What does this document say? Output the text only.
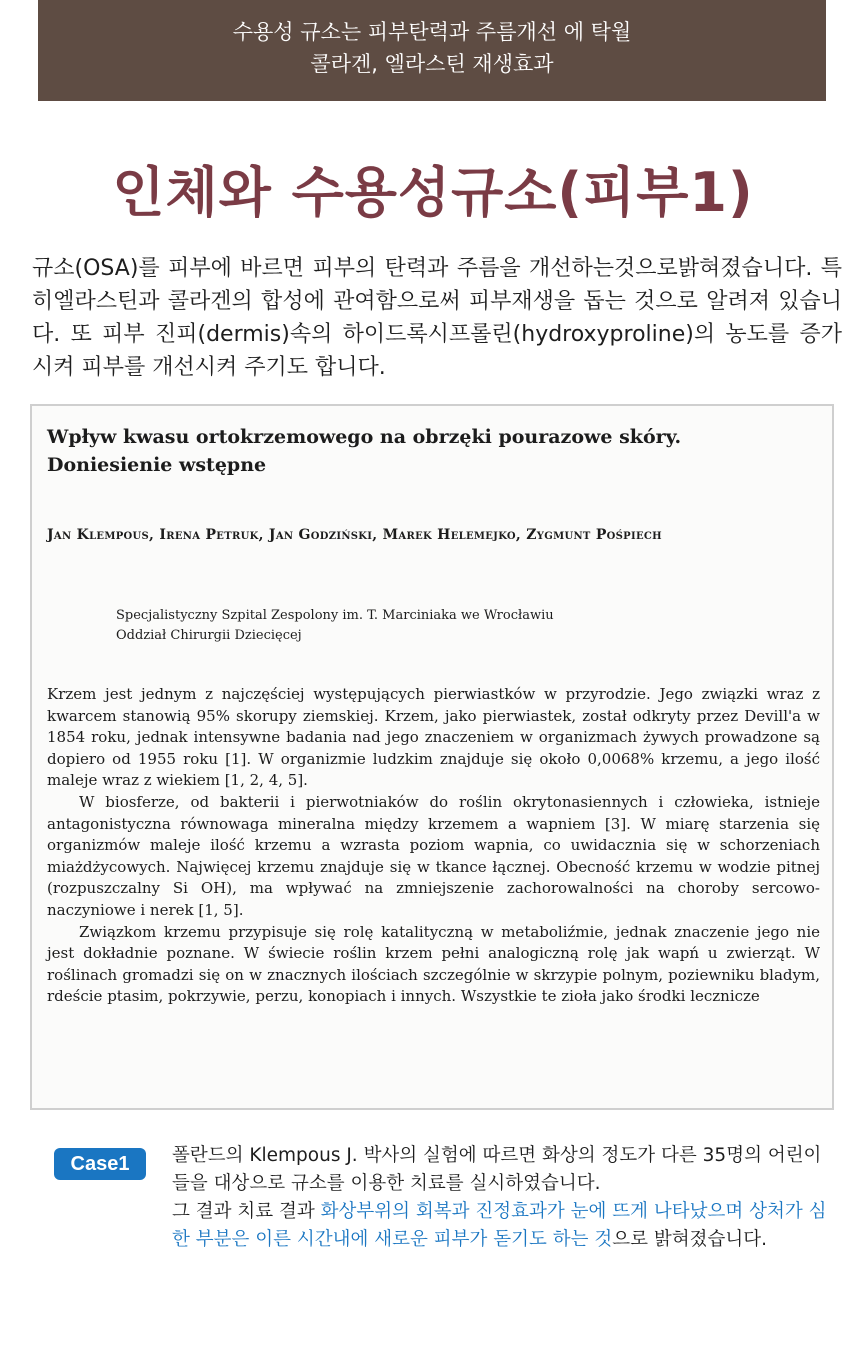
수용성 규소는 피부탄력과 주름개선 에 탁월
콜라겐, 엘라스틴 재생효과
인체와 수용성규소(피부1)
규소(OSA)를 피부에 바르면 피부의 탄력과 주름을 개선하는것으로밝혀졌습니다. 특히엘라스틴과 콜라겐의 합성에 관여함으로써 피부재생을 돕는 것으로 알려져 있습니다. 또 피부 진피(dermis)속의 하이드록시프롤린(hydroxyproline)의 농도를 증가시켜 피부를 개선시켜 주기도 합니다.
Wpływ kwasu ortokrzemowego na obrzęki pourazowe skóry.
Doniesienie wstępne
Jan Klempous, Irena Petruk, Jan Godziński, Marek Helemejko, Zygmunt Pośpiech
Specjalistyczny Szpital Zespolony im. T. Marciniaka we Wrocławiu
Oddział Chirurgii Dziecięcej

Krzem jest jednym z najczęściej występujących pierwiastków w przyrodzie. Jego związki wraz z kwarcem stanowią 95% skorupy ziemskiej. Krzem, jako pierwiastek, został odkryty przez Devill'a w 1854 roku, jednak intensywne badania nad jego znaczeniem w organizmach żywych prowadzone są dopiero od 1955 roku [1]. W organizmie ludzkim znajduje się około 0,0068% krzemu, a jego ilość maleje wraz z wiekiem [1, 2, 4, 5].

W biosferze, od bakterii i pierwotniaków do roślin okrytonasiennych i człowieka, istnieje antagonistyczna równowaga mineralna między krzemem a wapniem [3]. W miarę starzenia się organizmów maleje ilość krzemu a wzrasta poziom wapnia, co uwidacznia się w schorzeniach miażdżycowych. Najwięcej krzemu znajduje się w tkance łącznej. Obecność krzemu w wodzie pitnej (rozpuszczalny Si OH), ma wpływać na zmniejszenie zachorowalności na choroby sercowo-naczyniowe i nerek [1, 5].

Związkom krzemu przypisuje się rolę katalityczną w metaboliźmie, jednak znaczenie jego nie jest dokładnie poznane. W świecie roślin krzem pełni analogiczną rolę jak wapń u zwierząt. W roślinach gromadzi się on w znacznych ilościach szczególnie w skrzypie polnym, poziewniku bladym, rdeście ptasim, pokrzywie, perzu, konopiach i innych. Wszystkie te zioła jako środki lecznicze

Case1	폴란드의 Klempous J. 박사의 실험에 따르면 화상의 정도가 다른 35명의 어린이들을 대상으로 규소를 이용한 치료를 실시하였습니다.
그 결과 치료 결과 화상부위의 회복과 진정효과가 눈에 뜨게 나타났으며 상처가 심한 부분은 이른 시간내에 새로운 피부가 돋기도 하는 것으로 밝혀졌습니다.
